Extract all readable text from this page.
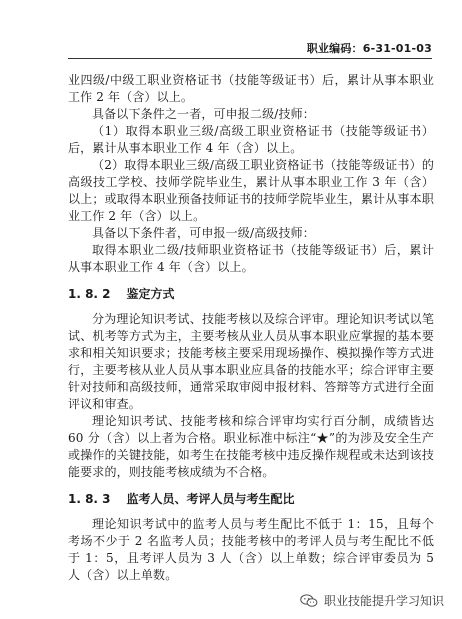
职业编码：6-31-01-03

业四级/中级工职业资格证书（技能等级证书）后，累计从事本职业工作 2 年（含）以上。

具备以下条件之一者，可申报二级/技师：

（1）取得本职业三级/高级工职业资格证书（技能等级证书）后，累计从事本职业工作 4 年（含）以上。

（2）取得本职业三级/高级工职业资格证书（技能等级证书）的高级技工学校、技师学院毕业生，累计从事本职业工作 3 年（含）以上；或取得本职业预备技师证书的技师学院毕业生，累计从事本职业工作 2 年（含）以上。

具备以下条件者，可申报一级/高级技师：

取得本职业二级/技师职业资格证书（技能等级证书）后，累计从事本职业工作 4 年（含）以上。

1. 8. 2 鉴定方式

分为理论知识考试、技能考核以及综合评审。理论知识考试以笔试、机考等方式为主，主要考核从业人员从事本职业应掌握的基本要求和相关知识要求；技能考核主要采用现场操作、模拟操作等方式进行，主要考核从业人员从事本职业应具备的技能水平；综合评审主要针对技师和高级技师，通常采取审阅申报材料、答辩等方式进行全面评议和审查。

理论知识考试、技能考核和综合评审均实行百分制，成绩皆达 60 分（含）以上者为合格。职业标准中标注“★”的为涉及安全生产或操作的关键技能，如考生在技能考核中违反操作规程或未达到该技能要求的，则技能考核成绩为不合格。

1. 8. 3 监考人员、考评人员与考生配比

理论知识考试中的监考人员与考生配比不低于 1：15，且每个考场不少于 2 名监考人员；技能考核中的考评人员与考生配比不低于 1：5，且考评人员为 3 人（含）以上单数；综合评审委员为 5 人（含）以上单数。

职业技能提升学习知识
